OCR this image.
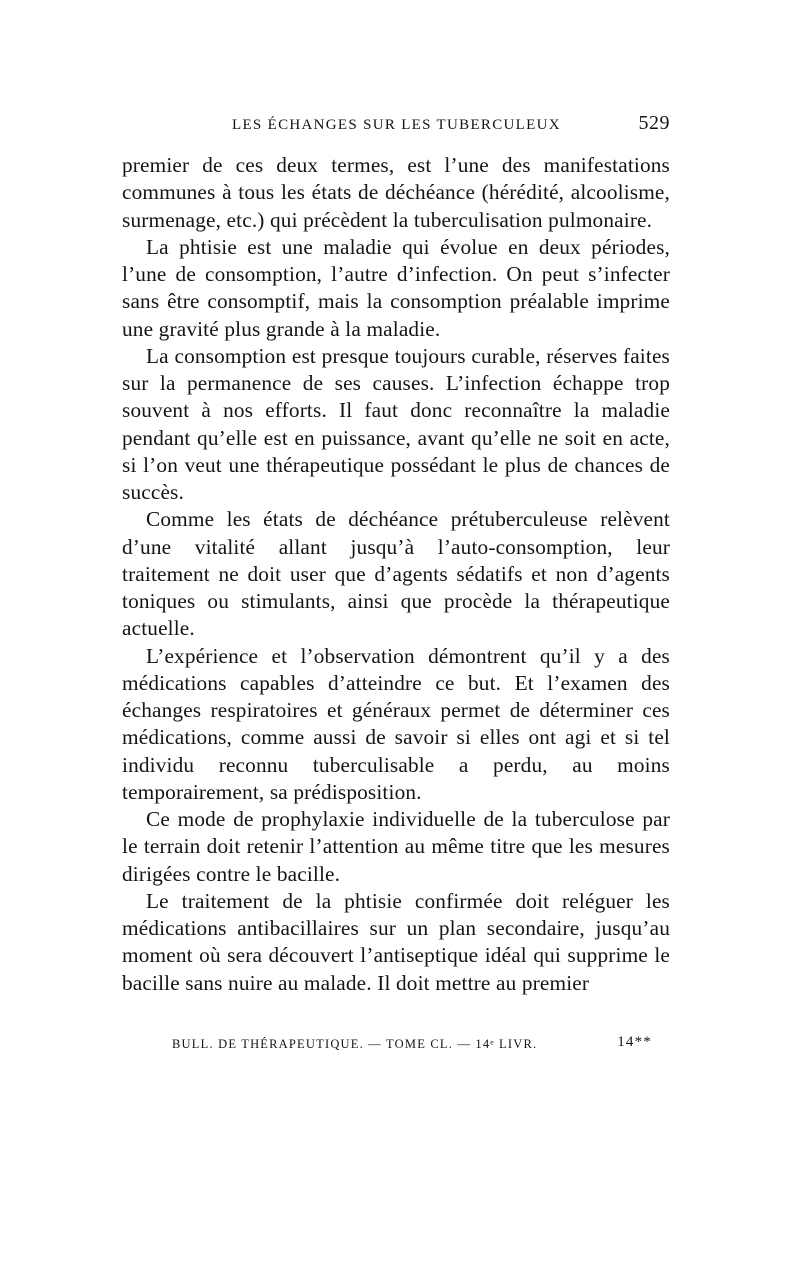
LES ÉCHANGES SUR LES TUBERCULEUX	529

premier de ces deux termes, est l’une des manifestations communes à tous les états de déchéance (hérédité, alcoolisme, surmenage, etc.) qui précèdent la tuberculisation pulmonaire.

La phtisie est une maladie qui évolue en deux périodes, l’une de consomption, l’autre d’infection. On peut s’infecter sans être consomptif, mais la consomption préalable imprime une gravité plus grande à la maladie.

La consomption est presque toujours curable, réserves faites sur la permanence de ses causes. L’infection échappe trop souvent à nos efforts. Il faut donc reconnaître la maladie pendant qu’elle est en puissance, avant qu’elle ne soit en acte, si l’on veut une thérapeutique possédant le plus de chances de succès.

Comme les états de déchéance prétuberculeuse relèvent d’une vitalité allant jusqu’à l’auto-consomption, leur traitement ne doit user que d’agents sédatifs et non d’agents toniques ou stimulants, ainsi que procède la thérapeutique actuelle.

L’expérience et l’observation démontrent qu’il y a des médications capables d’atteindre ce but. Et l’examen des échanges respiratoires et généraux permet de déterminer ces médications, comme aussi de savoir si elles ont agi et si tel individu reconnu tuberculisable a perdu, au moins temporairement, sa prédisposition.

Ce mode de prophylaxie individuelle de la tuberculose par le terrain doit retenir l’attention au même titre que les mesures dirigées contre le bacille.

Le traitement de la phtisie confirmée doit reléguer les médications antibacillaires sur un plan secondaire, jusqu’au moment où sera découvert l’antiseptique idéal qui supprime le bacille sans nuire au malade. Il doit mettre au premier

BULL. DE THÉRAPEUTIQUE. — TOME CL. — 14ᵉ LIVR.	14**
